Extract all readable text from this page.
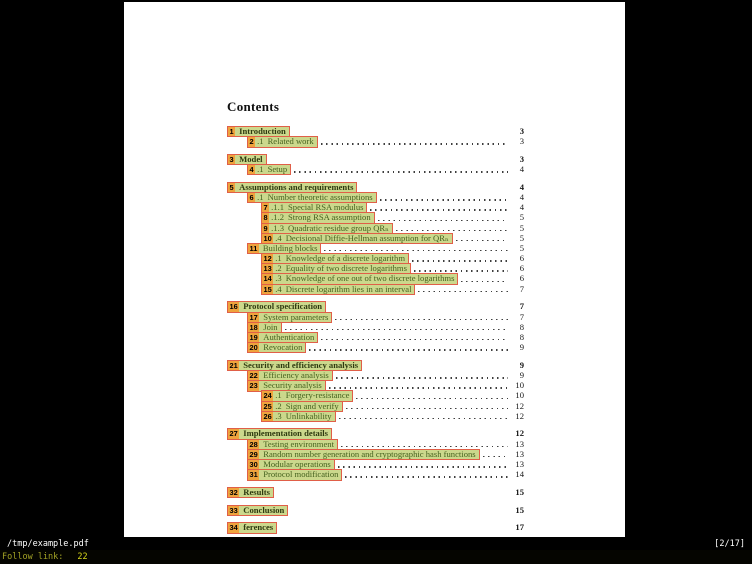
Contents
1 Introduction	3
2 .1 Related work	3
3 Model	3
4 .1 Setup	4
5 Assumptions and requirements	4
6 .1 Number theoretic assumptions	4
7 .1.1 Special RSA modulus	4
8 .1.2 Strong RSA assumption	5
9 .1.3 Quadratic residue group QRₙ	5
10 .4 Decisional Diffie-Hellman assumption for QRₙ	5
11 Building blocks	5
12 .1 Knowledge of a discrete logarithm	6
13 .2 Equality of two discrete logarithms	6
14 .3 Knowledge of one out of two discrete logarithms	6
15 .4 Discrete logarithm lies in an interval	7
16 Protocol specification	7
17 System parameters	7
18 Join	8
19 Authentication	8
20 Revocation	9
21 Security and efficiency analysis	9
22 Efficiency analysis	9
23 Security analysis	10
24 .1 Forgery-resistance	10
25 .2 Sign and verify	12
26 .3 Unlinkability	12
27 Implementation details	12
28 Testing environment	13
29 Random number generation and cryptographic hash functions	13
30 Modular operations	13
31 Protocol modification	14
32 Results	15
33 Conclusion	15
34 ferences	17
/tmp/example.pdf	[2/17]
Follow link: 22
